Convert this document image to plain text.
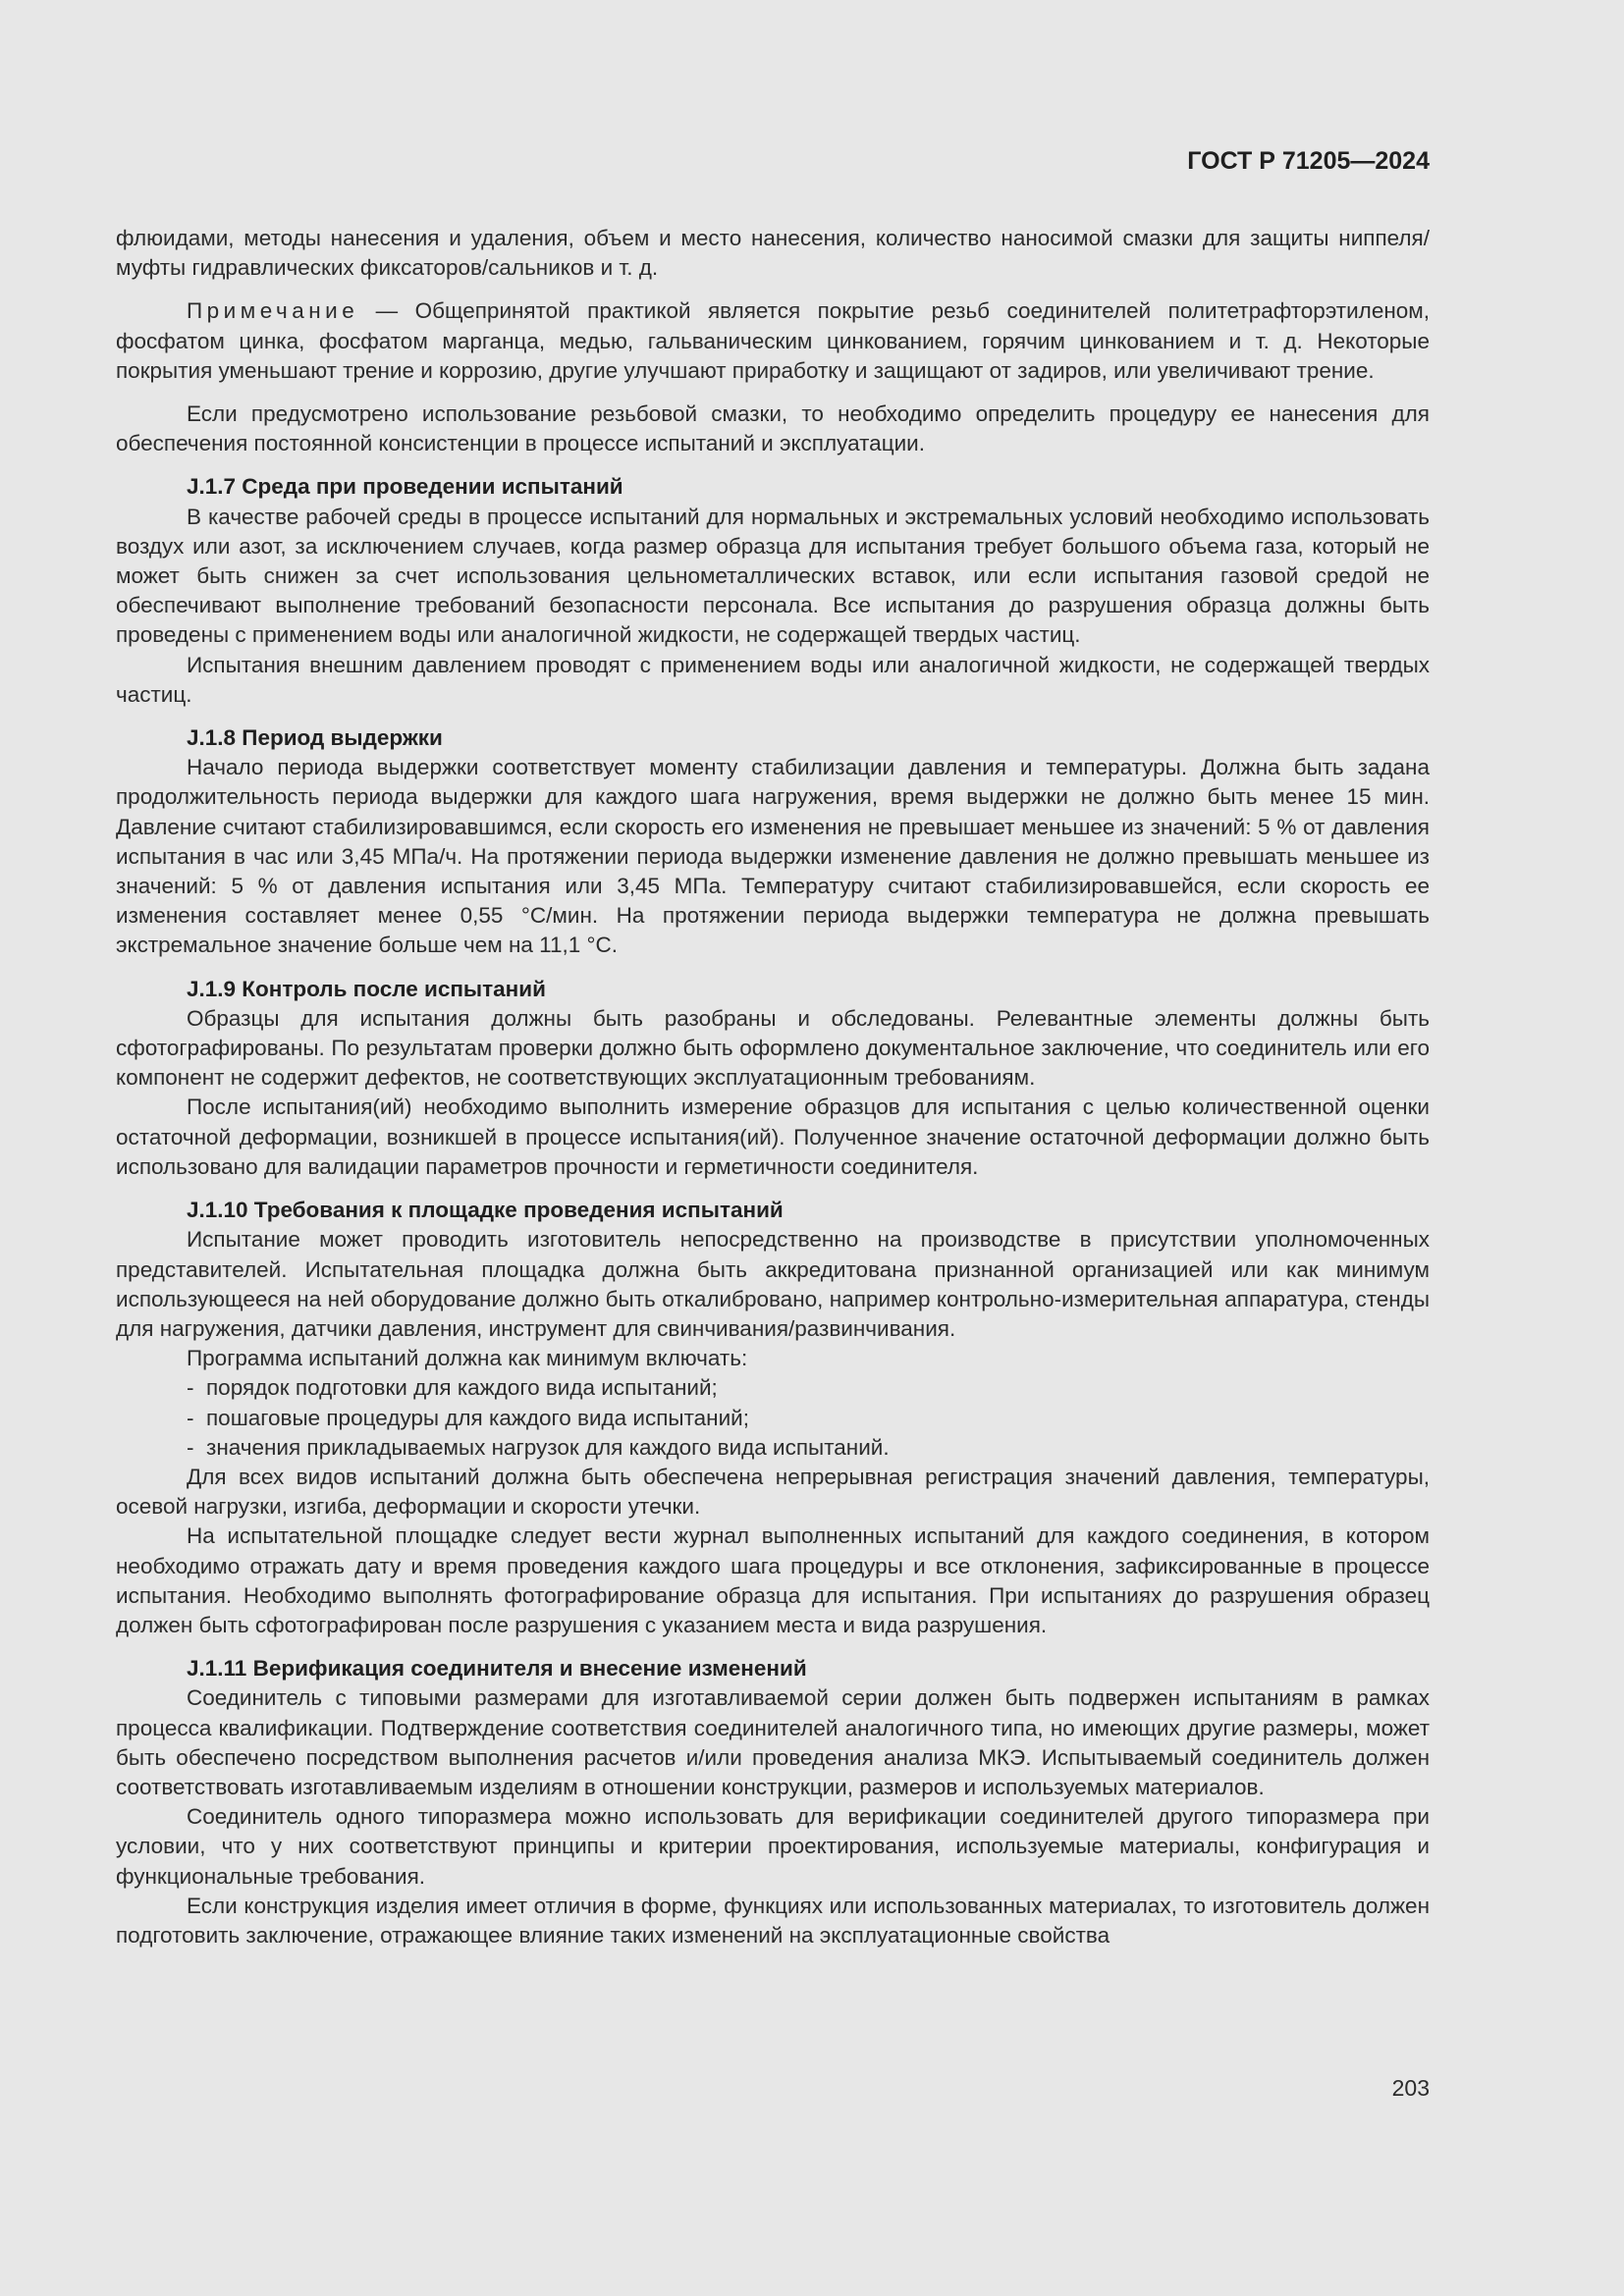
ГОСТ Р 71205—2024

флюидами, методы нанесения и удаления, объем и место нанесения, количество наносимой смазки для защиты ниппеля/муфты гидравлических фиксаторов/сальников и т. д.

Примечание — Общепринятой практикой является покрытие резьб соединителей политетрафторэтиленом, фосфатом цинка, фосфатом марганца, медью, гальваническим цинкованием, горячим цинкованием и т. д. Некоторые покрытия уменьшают трение и коррозию, другие улучшают приработку и защищают от задиров, или увеличивают трение.

Если предусмотрено использование резьбовой смазки, то необходимо определить процедуру ее нанесения для обеспечения постоянной консистенции в процессе испытаний и эксплуатации.

J.1.7 Среда при проведении испытаний

В качестве рабочей среды в процессе испытаний для нормальных и экстремальных условий необходимо использовать воздух или азот, за исключением случаев, когда размер образца для испытания требует большого объема газа, который не может быть снижен за счет использования цельнометаллических вставок, или если испытания газовой средой не обеспечивают выполнение требований безопасности персонала. Все испытания до разрушения образца должны быть проведены с применением воды или аналогичной жидкости, не содержащей твердых частиц.

Испытания внешним давлением проводят с применением воды или аналогичной жидкости, не содержащей твердых частиц.

J.1.8 Период выдержки

Начало периода выдержки соответствует моменту стабилизации давления и температуры. Должна быть задана продолжительность периода выдержки для каждого шага нагружения, время выдержки не должно быть менее 15 мин. Давление считают стабилизировавшимся, если скорость его изменения не превышает меньшее из значений: 5 % от давления испытания в час или 3,45 МПа/ч. На протяжении периода выдержки изменение давления не должно превышать меньшее из значений: 5 % от давления испытания или 3,45 МПа. Температуру считают стабилизировавшейся, если скорость ее изменения составляет менее 0,55 °С/мин. На протяжении периода выдержки температура не должна превышать экстремальное значение больше чем на 11,1 °С.

J.1.9 Контроль после испытаний

Образцы для испытания должны быть разобраны и обследованы. Релевантные элементы должны быть сфотографированы. По результатам проверки должно быть оформлено документальное заключение, что соединитель или его компонент не содержит дефектов, не соответствующих эксплуатационным требованиям.

После испытания(ий) необходимо выполнить измерение образцов для испытания с целью количественной оценки остаточной деформации, возникшей в процессе испытания(ий). Полученное значение остаточной деформации должно быть использовано для валидации параметров прочности и герметичности соединителя.

J.1.10 Требования к площадке проведения испытаний

Испытание может проводить изготовитель непосредственно на производстве в присутствии уполномоченных представителей. Испытательная площадка должна быть аккредитована признанной организацией или как минимум использующееся на ней оборудование должно быть откалибровано, например контрольно-измерительная аппаратура, стенды для нагружения, датчики давления, инструмент для свинчивания/развинчивания.

Программа испытаний должна как минимум включать:

- порядок подготовки для каждого вида испытаний;

- пошаговые процедуры для каждого вида испытаний;

- значения прикладываемых нагрузок для каждого вида испытаний.

Для всех видов испытаний должна быть обеспечена непрерывная регистрация значений давления, температуры, осевой нагрузки, изгиба, деформации и скорости утечки.

На испытательной площадке следует вести журнал выполненных испытаний для каждого соединения, в котором необходимо отражать дату и время проведения каждого шага процедуры и все отклонения, зафиксированные в процессе испытания. Необходимо выполнять фотографирование образца для испытания. При испытаниях до разрушения образец должен быть сфотографирован после разрушения с указанием места и вида разрушения.

J.1.11 Верификация соединителя и внесение изменений

Соединитель с типовыми размерами для изготавливаемой серии должен быть подвержен испытаниям в рамках процесса квалификации. Подтверждение соответствия соединителей аналогичного типа, но имеющих другие размеры, может быть обеспечено посредством выполнения расчетов и/или проведения анализа МКЭ. Испытываемый соединитель должен соответствовать изготавливаемым изделиям в отношении конструкции, размеров и используемых материалов.

Соединитель одного типоразмера можно использовать для верификации соединителей другого типоразмера при условии, что у них соответствуют принципы и критерии проектирования, используемые материалы, конфигурация и функциональные требования.

Если конструкция изделия имеет отличия в форме, функциях или использованных материалах, то изготовитель должен подготовить заключение, отражающее влияние таких изменений на эксплуатационные свойства

203
